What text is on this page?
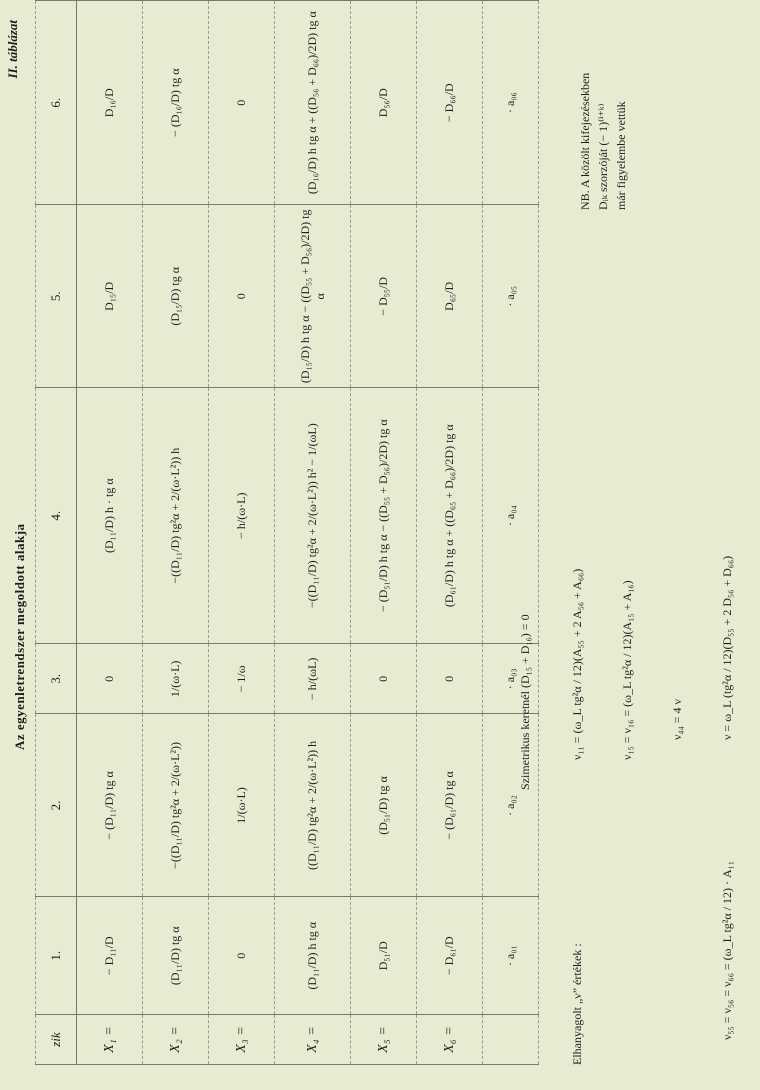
II. táblázat
Az egyenletrendszer megoldott alakja
zik	1.	2.	3.	4.	5.	6.
X₁ =	− D₁₁/D	− (D₁₁/D) tg α	0	(D₁₁/D) h · tg α	D₁₅/D	D₁₆/D
X₂ =	(D₁₁/D) tg α	−((D₁₁/D) tg²α + 2/(ω·L²))	1/(ω·L)	−((D₁₁/D) tg²α + 2/(ω·L²)) h	(D₁₅/D) tg α	− (D₁₆/D) tg α
X₃ =	0	1/(ω·L)	− 1/ω	− h/(ω·L)	0	0
X₄ =	(D₁₁/D) h tg α	((D₁₁/D) tg²α + 2/(ω·L²)) h	− h/(ωL)	−((D₁₁/D) tg²α + 2/(ω·L²)) h² − 1/(ωL)	(D₁₅/D) h tg α − ((D₅₅ + D₅₆)/2D) tg α	(D₁₆/D) h tg α + ((D₅₆ + D₆₆)/2D) tg α
X₅ =	D₅₁/D	(D₅₁/D) tg α	0	− (D₅₁/D) h tg α − ((D₅₅ + D₅₆)/2D) tg α	− D₅₅/D	D₅₆/D
X₆ =	− D₆₁/D	− (D₆₁/D) tg α	0	(D₆₁/D) h tg α + ((D₆₅ + D₆₆)/2D) tg α	D₆₅/D	− D₆₆/D
	· a₀₁	· a₀₂	· a₀₃	· a₀₄	· a₀₅	· a₀₆
Szimetrikus keretnél (D₁₅ + D₁₆) = 0
Elhanyagolt „ν” értékek :
ν₁₁ = (ω_L tg²α / 12)(A₅₅ + 2 A₅₆ + A₆₆)	ν₁₅ = ν₁₆ = (ω_L tg²α / 12)(A₁₅ + A₁₆)	ν₄₄ = 4 ν
ν₅₅ = ν₅₆ = ν₆₆ = (ω_L tg²α / 12) · A₁₁
ν = ω_L (tg²α / 12)(D₅₅ + 2 D₅₆ + D₆₆)
NB. A közölt kifejezésekben Dᵢₖ szorzóját (− 1)⁽ⁱ⁺ᵏ⁾ már figyelembe vettük
